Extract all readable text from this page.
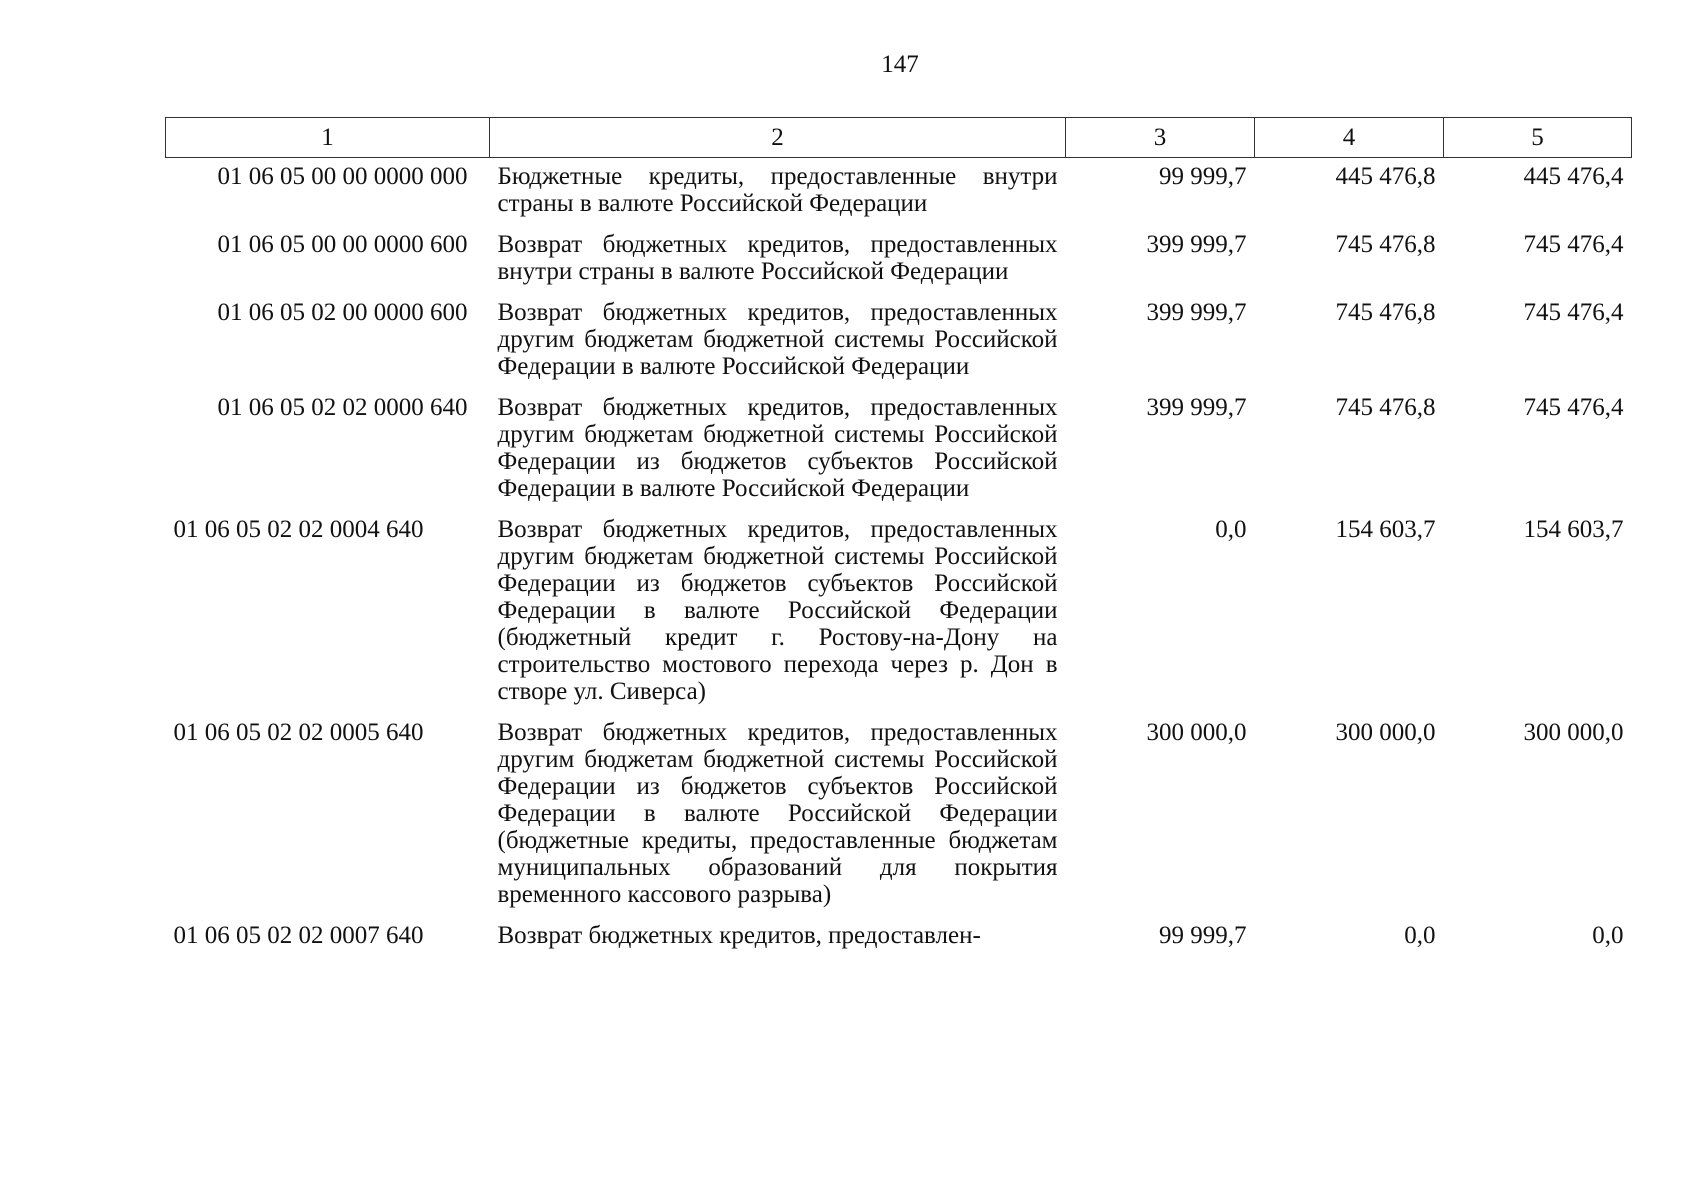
147
1	2	3	4	5
01 06 05 00 00 0000 000	Бюджетные кредиты, предоставленные внутри страны в валюте Российской Федерации	99 999,7	445 476,8	445 476,4
01 06 05 00 00 0000 600	Возврат бюджетных кредитов, предоставленных внутри страны в валюте Российской Федерации	399 999,7	745 476,8	745 476,4
01 06 05 02 00 0000 600	Возврат бюджетных кредитов, предоставленных другим бюджетам бюджетной системы Российской Федерации в валюте Российской Федерации	399 999,7	745 476,8	745 476,4
01 06 05 02 02 0000 640	Возврат бюджетных кредитов, предоставленных другим бюджетам бюджетной системы Российской Федерации из бюджетов субъектов Российской Федерации в валюте Российской Федерации	399 999,7	745 476,8	745 476,4
01 06 05 02 02 0004 640	Возврат бюджетных кредитов, предоставленных другим бюджетам бюджетной системы Российской Федерации из бюджетов субъектов Российской Федерации в валюте Российской Федерации (бюджетный кредит г. Ростову-на-Дону на строительство мостового перехода через р. Дон в створе ул. Сиверса)	0,0	154 603,7	154 603,7
01 06 05 02 02 0005 640	Возврат бюджетных кредитов, предоставленных другим бюджетам бюджетной системы Российской Федерации из бюджетов субъектов Российской Федерации в валюте Российской Федерации (бюджетные кредиты, предоставленные бюджетам муниципальных образований для покрытия временного кассового разрыва)	300 000,0	300 000,0	300 000,0
01 06 05 02 02 0007 640	Возврат бюджетных кредитов, предоставлен-	99 999,7	0,0	0,0
